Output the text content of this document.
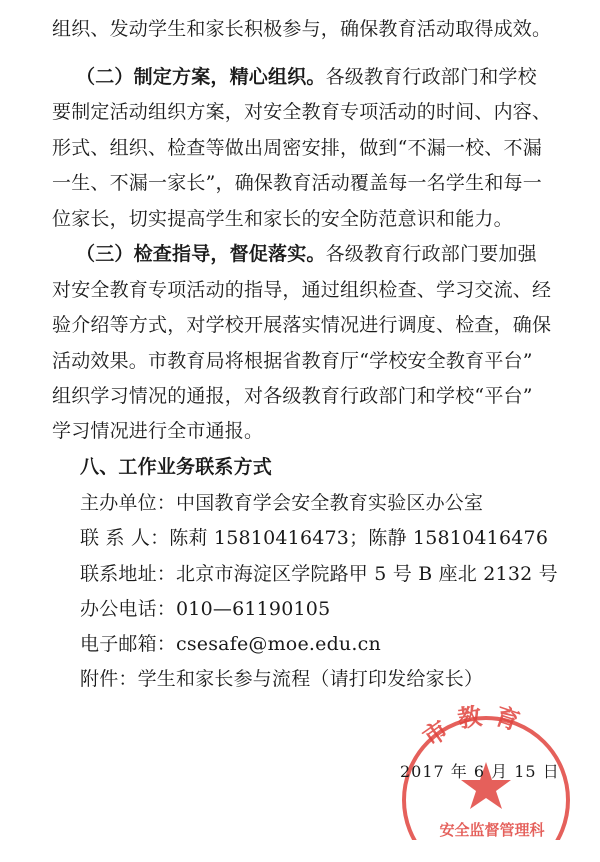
组织、发动学生和家长积极参与，确保教育活动取得成效。
（二）制定方案，精心组织。各级教育行政部门和学校
要制定活动组织方案，对安全教育专项活动的时间、内容、
形式、组织、检查等做出周密安排，做到“不漏一校、不漏
一生、不漏一家长”，确保教育活动覆盖每一名学生和每一
位家长，切实提高学生和家长的安全防范意识和能力。
（三）检查指导，督促落实。各级教育行政部门要加强
对安全教育专项活动的指导，通过组织检查、学习交流、经
验介绍等方式，对学校开展落实情况进行调度、检查，确保
活动效果。市教育局将根据省教育厅“学校安全教育平台”
组织学习情况的通报，对各级教育行政部门和学校“平台”
学习情况进行全市通报。
八、工作业务联系方式
主办单位：中国教育学会安全教育实验区办公室
联 系 人：陈莉 15810416473；陈静 15810416476
联系地址：北京市海淀区学院路甲 5 号 B 座北 2132 号
办公电话：010—61190105
电子邮箱：csesafe@moe.edu.cn
附件：学生和家长参与流程（请打印发给家长）
市教育
安全监督管理科
2017 年 6 月 15 日
